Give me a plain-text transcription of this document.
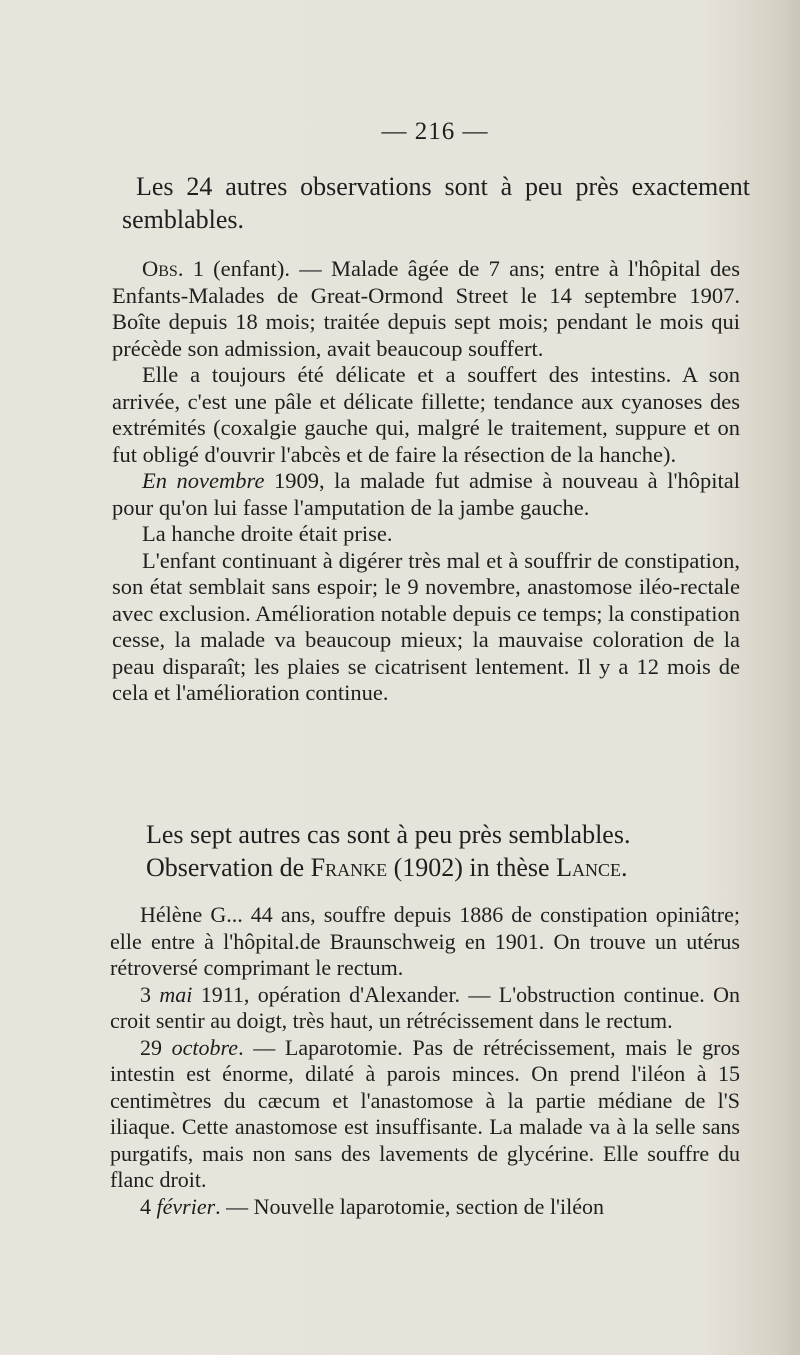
— 216 —

Les 24 autres observations sont à peu près exactement semblables.

Obs. 1 (enfant). — Malade âgée de 7 ans; entre à l'hôpital des Enfants-Malades de Great-Ormond Street le 14 septembre 1907. Boîte depuis 18 mois; traitée depuis sept mois; pendant le mois qui précède son admission, avait beaucoup souffert.

Elle a toujours été délicate et a souffert des intestins. A son arrivée, c'est une pâle et délicate fillette; tendance aux cyanoses des extrémités (coxalgie gauche qui, malgré le traitement, suppure et on fut obligé d'ouvrir l'abcès et de faire la résection de la hanche).

En novembre 1909, la malade fut admise à nouveau à l'hôpital pour qu'on lui fasse l'amputation de la jambe gauche.

La hanche droite était prise.

L'enfant continuant à digérer très mal et à souffrir de constipation, son état semblait sans espoir; le 9 novembre, anastomose iléo-rectale avec exclusion. Amélioration notable depuis ce temps; la constipation cesse, la malade va beaucoup mieux; la mauvaise coloration de la peau disparaît; les plaies se cicatrisent lentement. Il y a 12 mois de cela et l'amélioration continue.

Les sept autres cas sont à peu près semblables.

Observation de Franke (1902) in thèse Lance.

Hélène G... 44 ans, souffre depuis 1886 de constipation opiniâtre; elle entre à l'hôpital.de Braunschweig en 1901. On trouve un utérus rétroversé comprimant le rectum.

3 mai 1911, opération d'Alexander. — L'obstruction continue. On croit sentir au doigt, très haut, un rétrécissement dans le rectum.

29 octobre. — Laparotomie. Pas de rétrécissement, mais le gros intestin est énorme, dilaté à parois minces. On prend l'iléon à 15 centimètres du cæcum et l'anastomose à la partie médiane de l'S iliaque. Cette anastomose est insuffisante. La malade va à la selle sans purgatifs, mais non sans des lavements de glycérine. Elle souffre du flanc droit.

4 février. — Nouvelle laparotomie, section de l'iléon
